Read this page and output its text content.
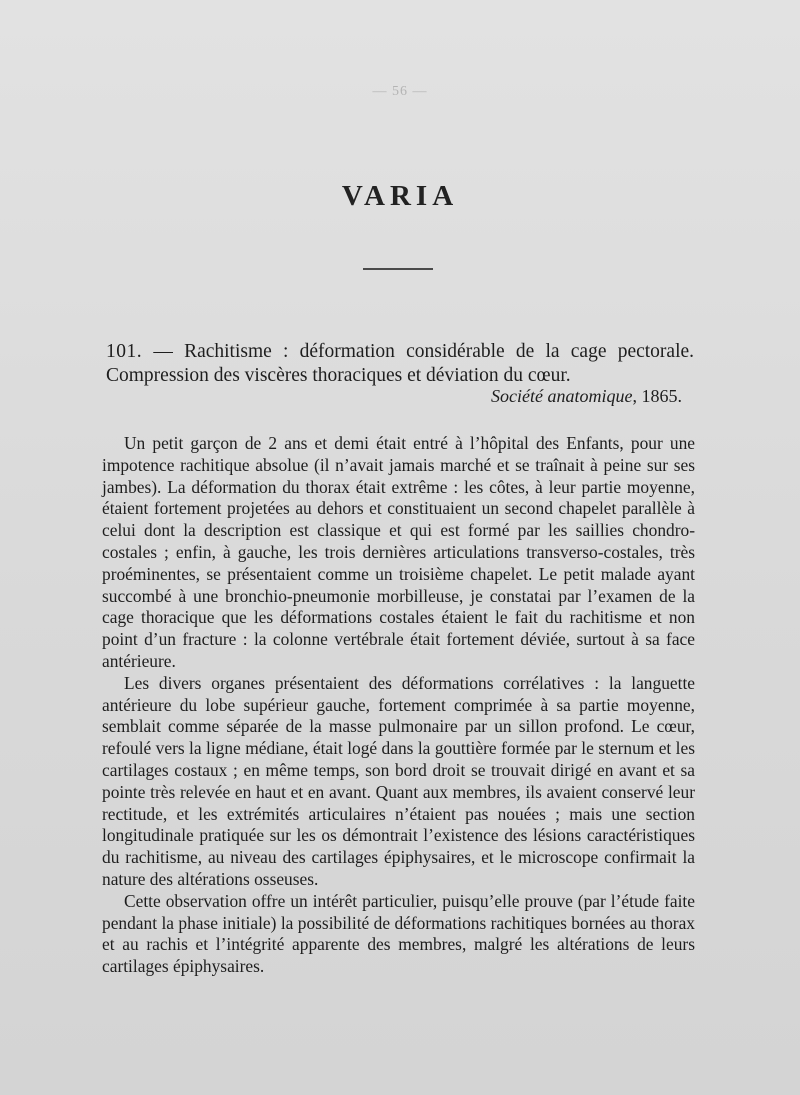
— 56 —
VARIA
101. — Rachitisme : déformation considérable de la cage pectorale. Compression des viscères thoraciques et déviation du cœur.
Société anatomique, 1865.

Un petit garçon de 2 ans et demi était entré à l’hôpital des Enfants, pour une impotence rachitique absolue (il n’avait jamais marché et se traînait à peine sur ses jambes). La déformation du thorax était extrême : les côtes, à leur partie moyenne, étaient fortement projetées au dehors et constituaient un second chapelet parallèle à celui dont la description est classique et qui est formé par les saillies chondro-costales ; enfin, à gauche, les trois dernières articulations transverso-costales, très proéminentes, se présentaient comme un troisième chapelet. Le petit malade ayant succombé à une bronchio-pneumonie morbilleuse, je constatai par l’examen de la cage thoracique que les déformations costales étaient le fait du rachitisme et non point d’un fracture : la colonne vertébrale était fortement déviée, surtout à sa face antérieure.

Les divers organes présentaient des déformations corrélatives : la languette antérieure du lobe supérieur gauche, fortement comprimée à sa partie moyenne, semblait comme séparée de la masse pulmonaire par un sillon profond. Le cœur, refoulé vers la ligne médiane, était logé dans la gouttière formée par le sternum et les cartilages costaux ; en même temps, son bord droit se trouvait dirigé en avant et sa pointe très relevée en haut et en avant. Quant aux membres, ils avaient conservé leur rectitude, et les extrémités articulaires n’étaient pas nouées ; mais une section longitudinale pratiquée sur les os démontrait l’existence des lésions caractéristiques du rachitisme, au niveau des cartilages épiphysaires, et le microscope confirmait la nature des altérations osseuses.

Cette observation offre un intérêt particulier, puisqu’elle prouve (par l’étude faite pendant la phase initiale) la possibilité de déformations rachitiques bornées au thorax et au rachis et l’intégrité apparente des membres, malgré les altérations de leurs cartilages épiphysaires.
